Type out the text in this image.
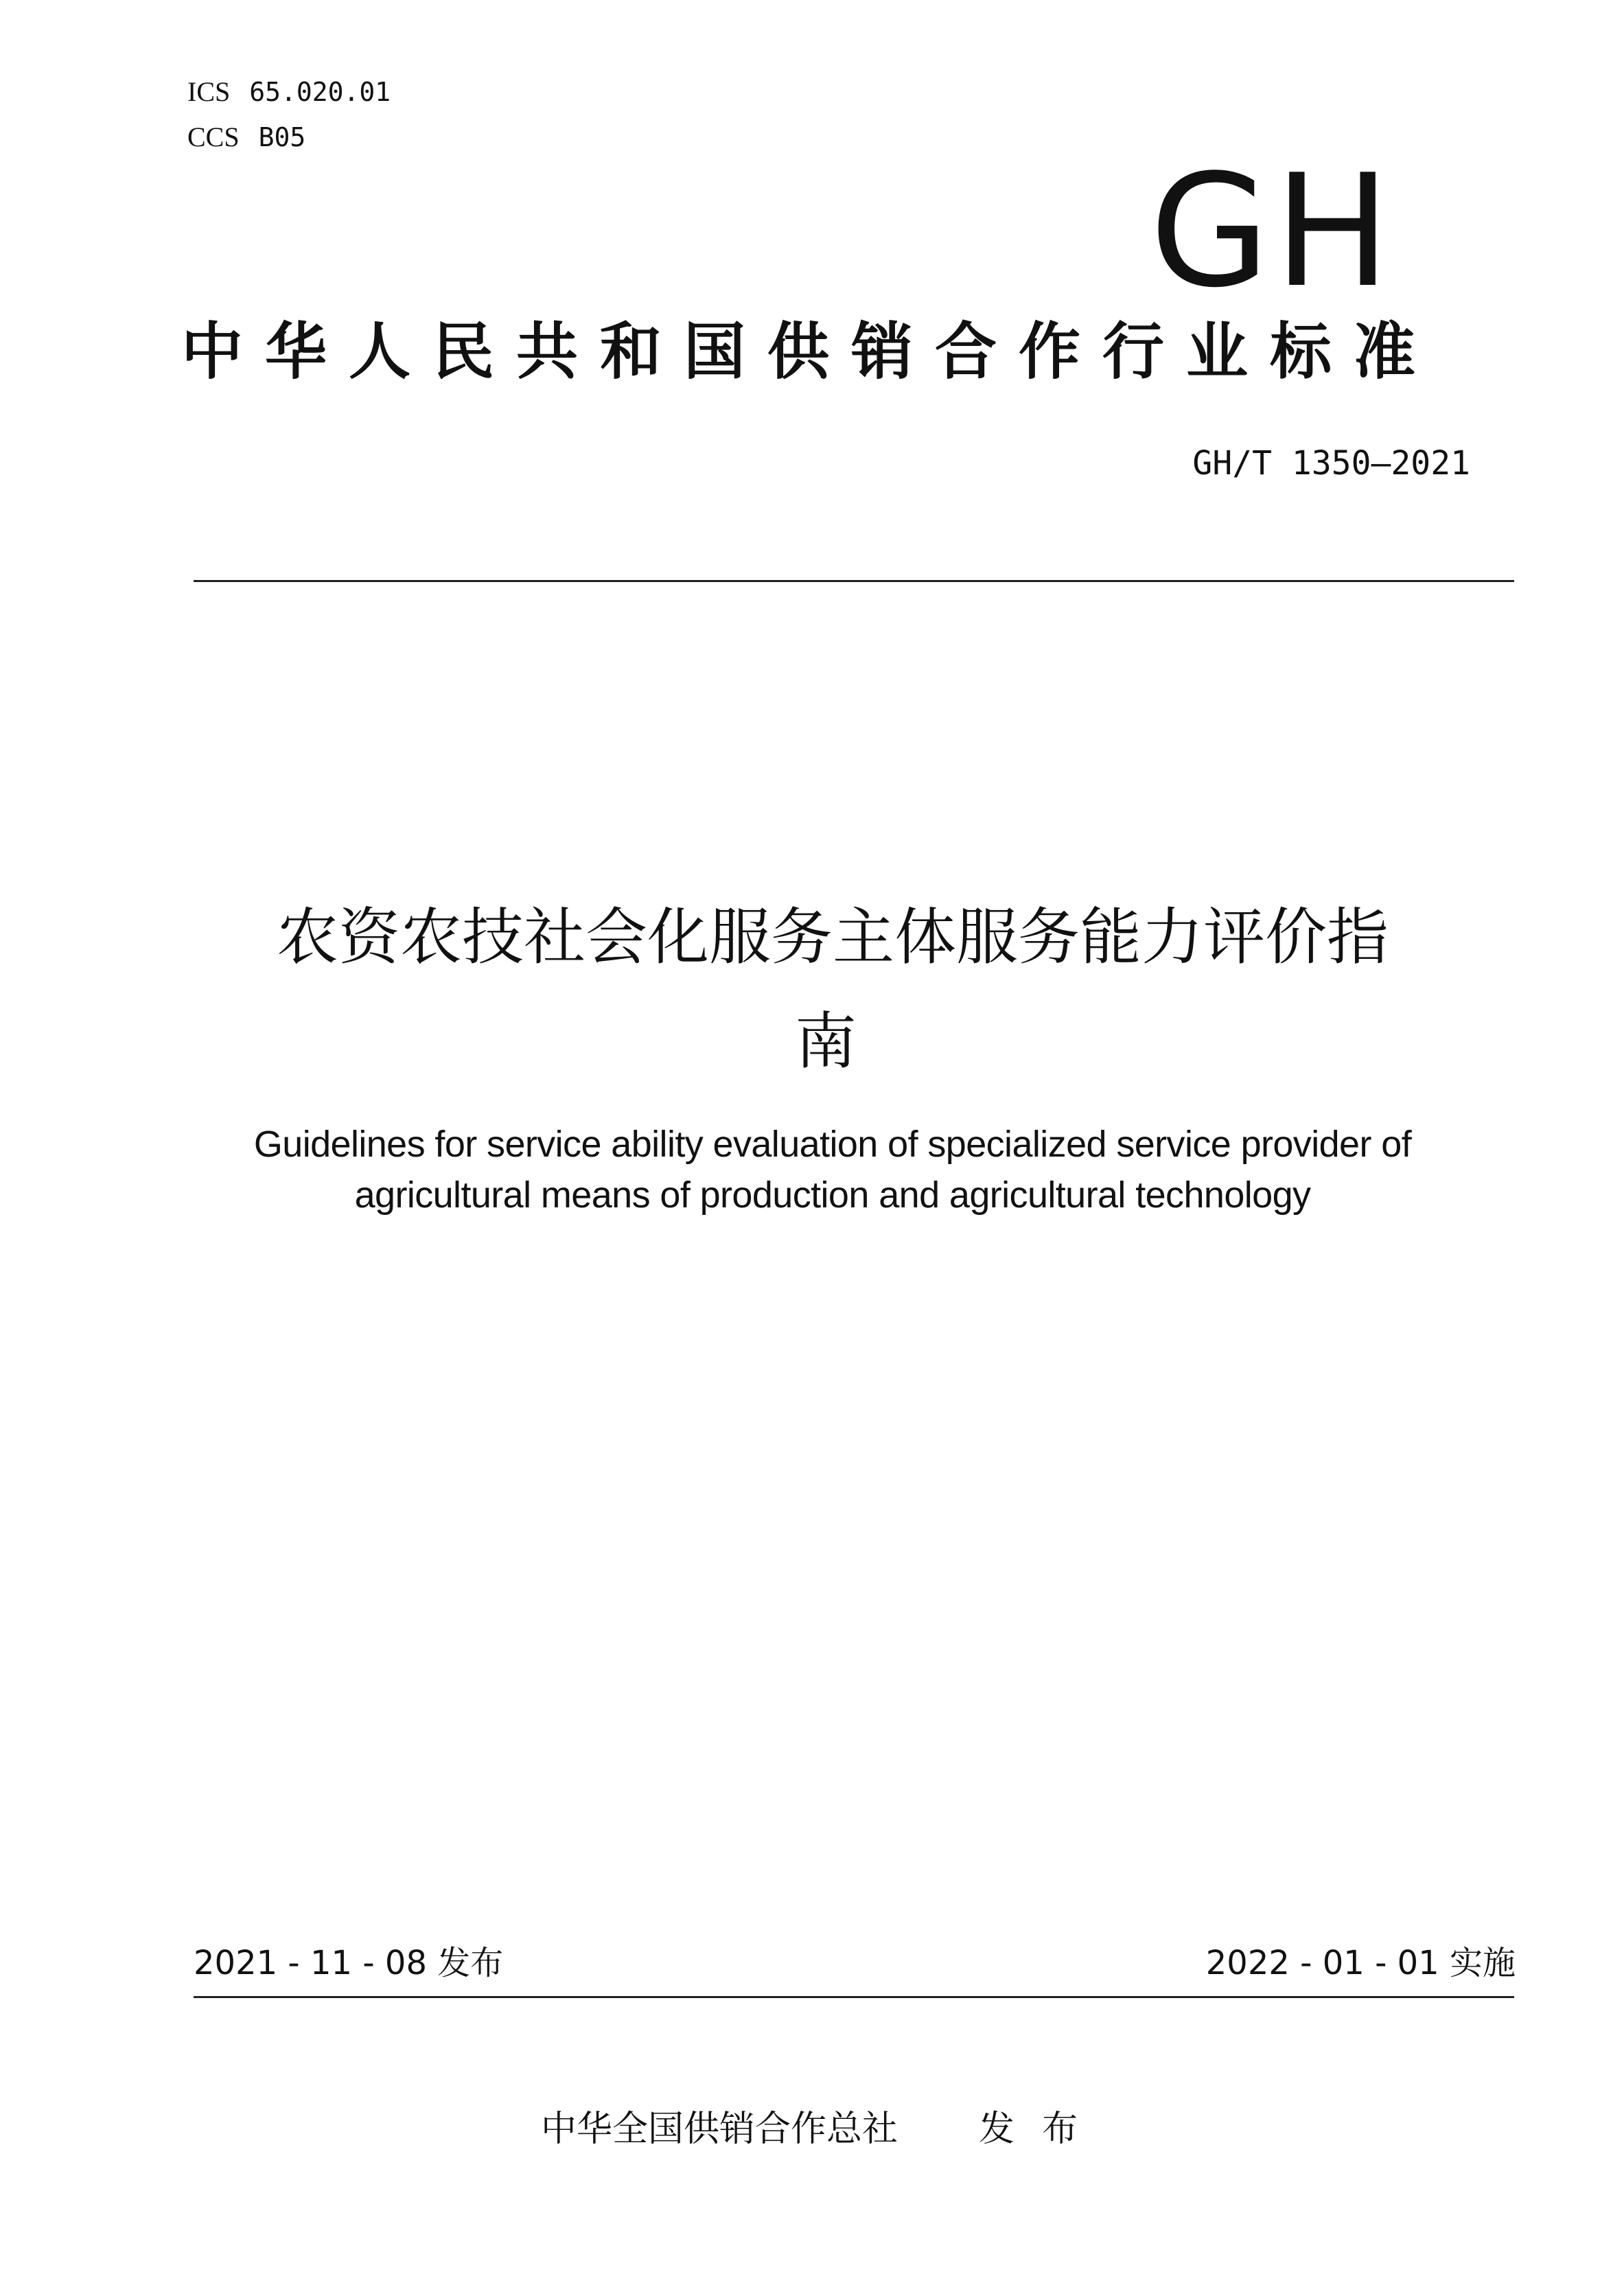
ICS 65.020.01
CCS B05
GH
中华人民共和国供销合作行业标准
GH/T 1350—2021
农资农技社会化服务主体服务能力评价指
南
Guidelines for service ability evaluation of specialized service provider of
agricultural means of production and agricultural technology
2021 - 11 - 08 发布	2022 - 01 - 01 实施
中华全国供销合作总社 发布
